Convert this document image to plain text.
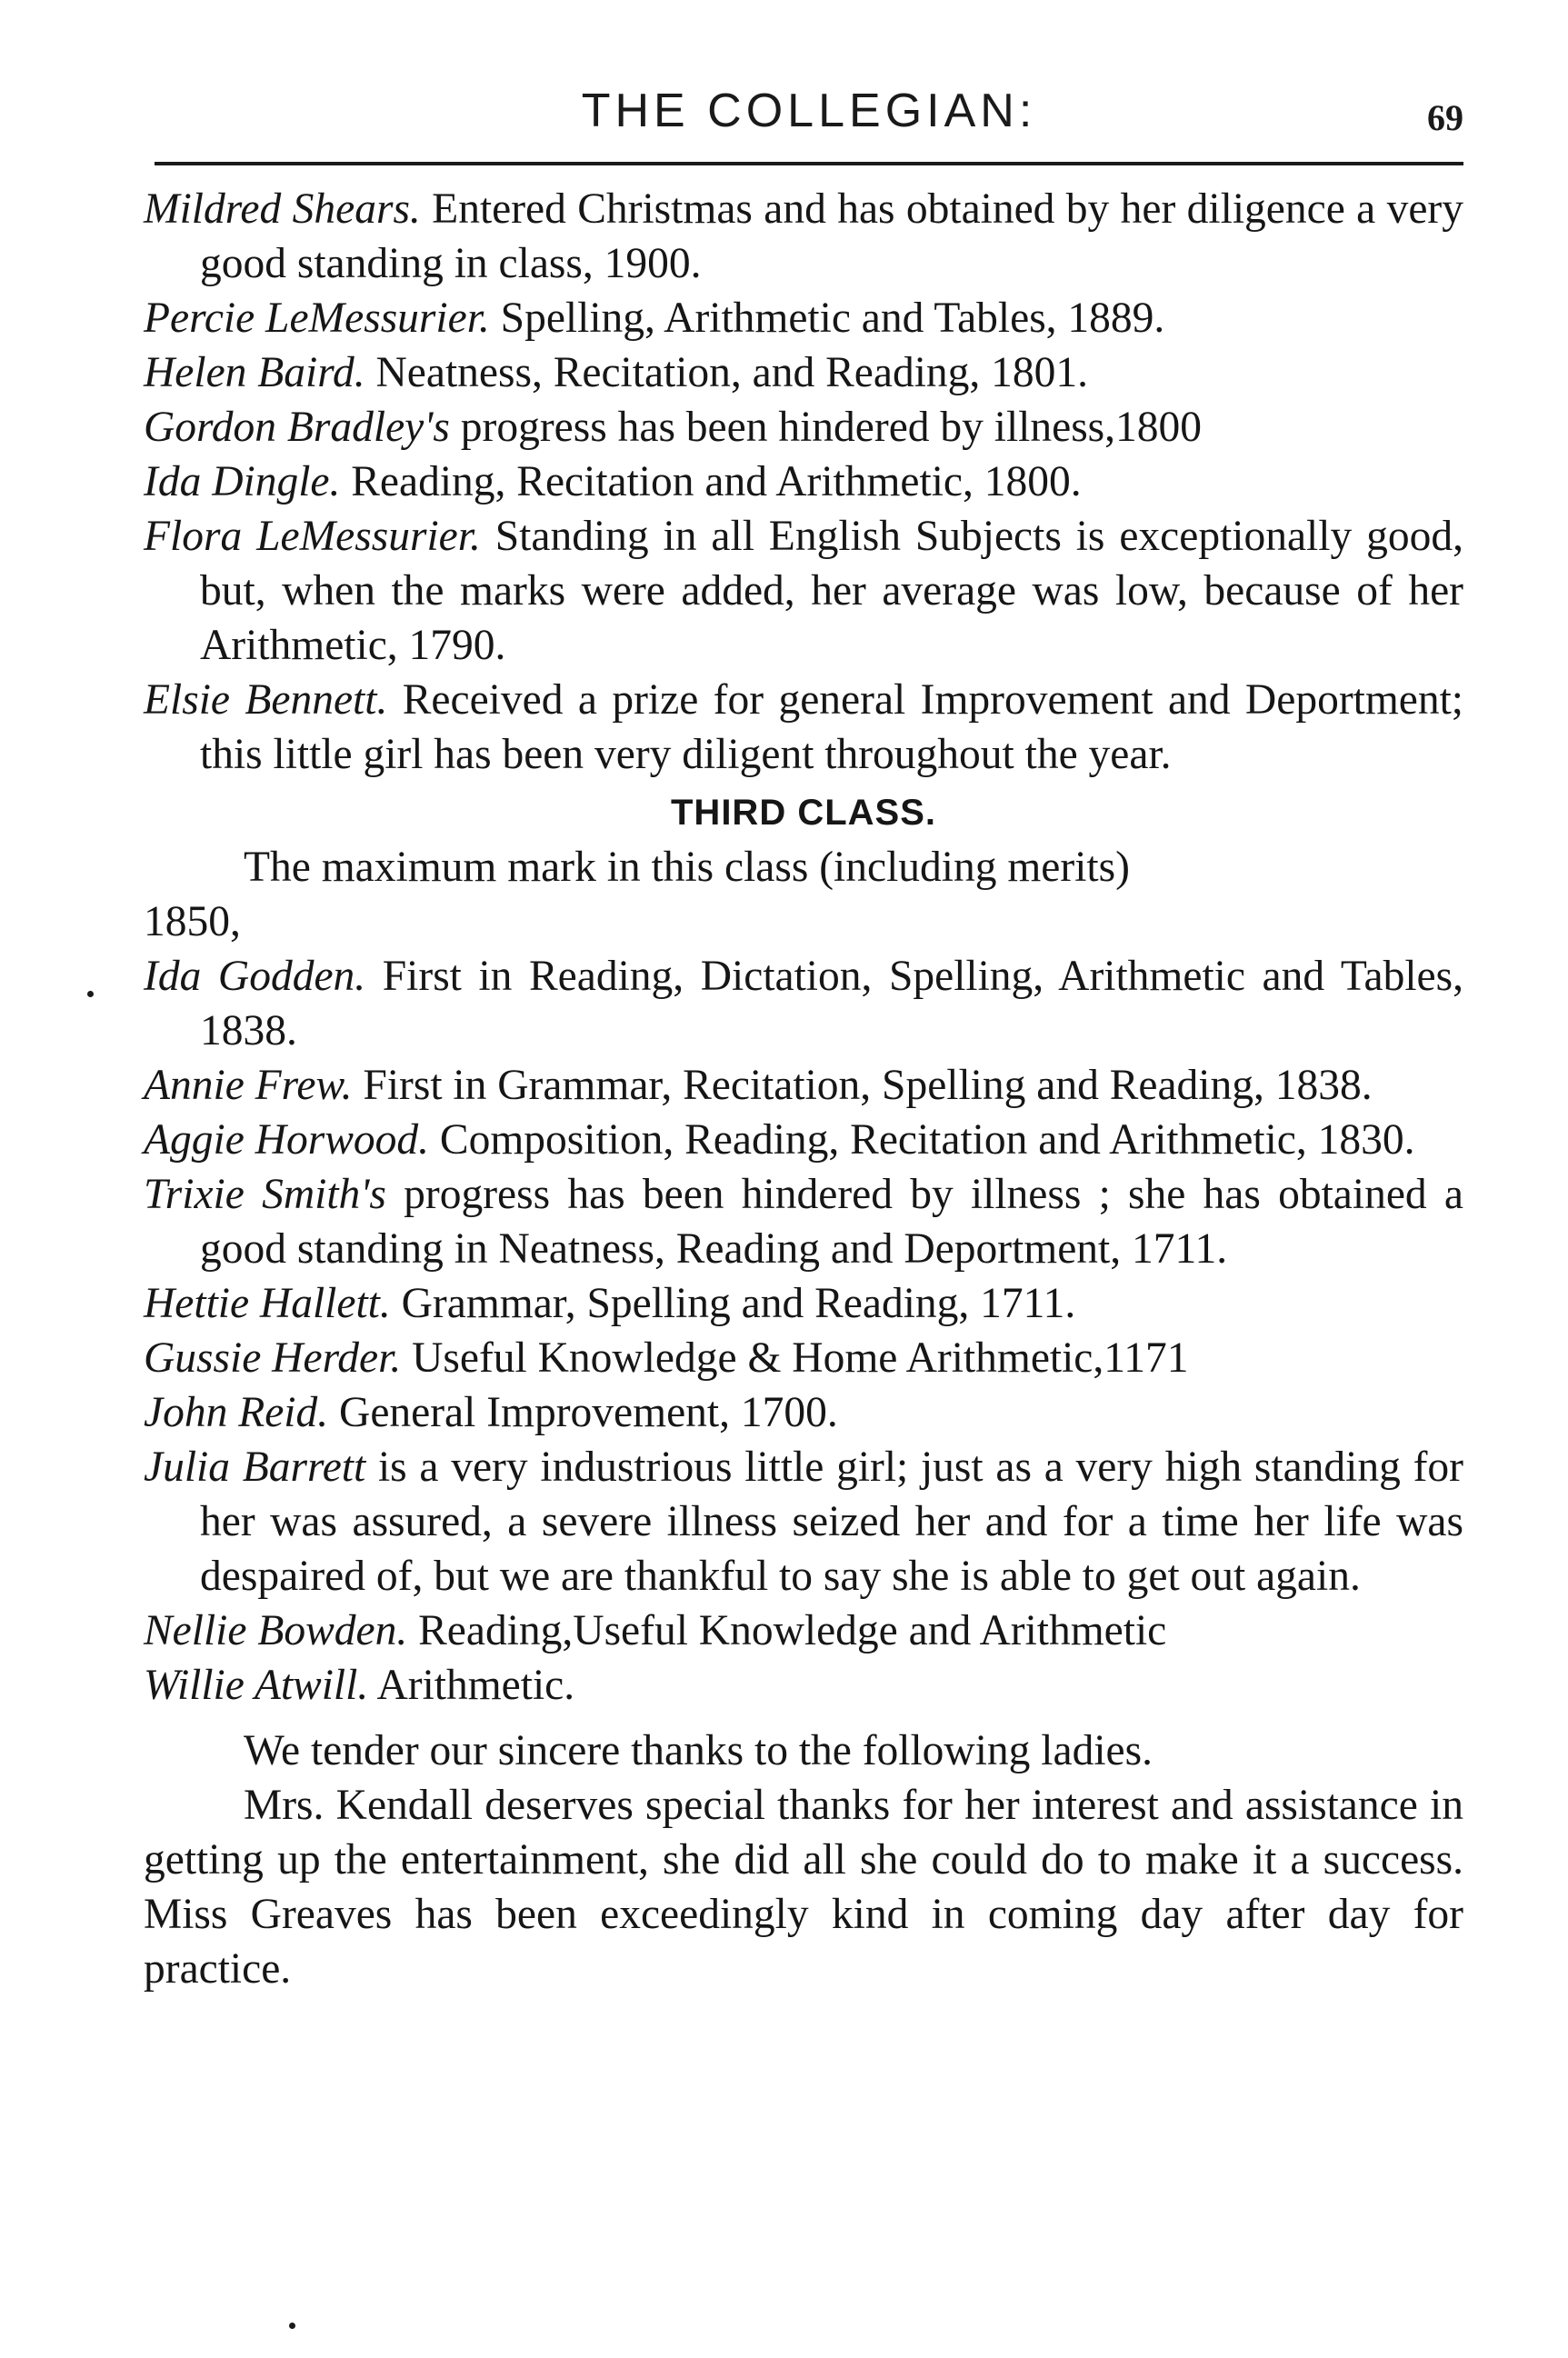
THE COLLEGIAN:	69

Mildred Shears. Entered Christmas and has obtained by her diligence a very good standing in class, 1900.

Percie LeMessurier. Spelling, Arithmetic and Tables, 1889.

Helen Baird. Neatness, Recitation, and Reading, 1801.

Gordon Bradley's progress has been hindered by illness,1800

Ida Dingle. Reading, Recitation and Arithmetic, 1800.

Flora LeMessurier. Standing in all English Subjects is exceptionally good, but, when the marks were added, her average was low, because of her Arithmetic, 1790.

Elsie Bennett. Received a prize for general Improvement and Deportment; this little girl has been very diligent throughout the year.

THIRD CLASS.

The maximum mark in this class (including merits)

1850,

Ida Godden. First in Reading, Dictation, Spelling, Arithmetic and Tables, 1838.

Annie Frew. First in Grammar, Recitation, Spelling and Reading, 1838.

Aggie Horwood. Composition, Reading, Recitation and Arithmetic, 1830.

Trixie Smith's progress has been hindered by illness ; she has obtained a good standing in Neatness, Reading and Deportment, 1711.

Hettie Hallett. Grammar, Spelling and Reading, 1711.

Gussie Herder. Useful Knowledge & Home Arithmetic,1171

John Reid. General Improvement, 1700.

Julia Barrett is a very industrious little girl; just as a very high standing for her was assured, a severe illness seized her and for a time her life was despaired of, but we are thankful to say she is able to get out again.

Nellie Bowden. Reading,Useful Knowledge and Arithmetic

Willie Atwill. Arithmetic.

We tender our sincere thanks to the following ladies.

Mrs. Kendall deserves special thanks for her interest and assistance in getting up the entertainment, she did all she could do to make it a success. Miss Greaves has been exceedingly kind in coming day after day for practice.
